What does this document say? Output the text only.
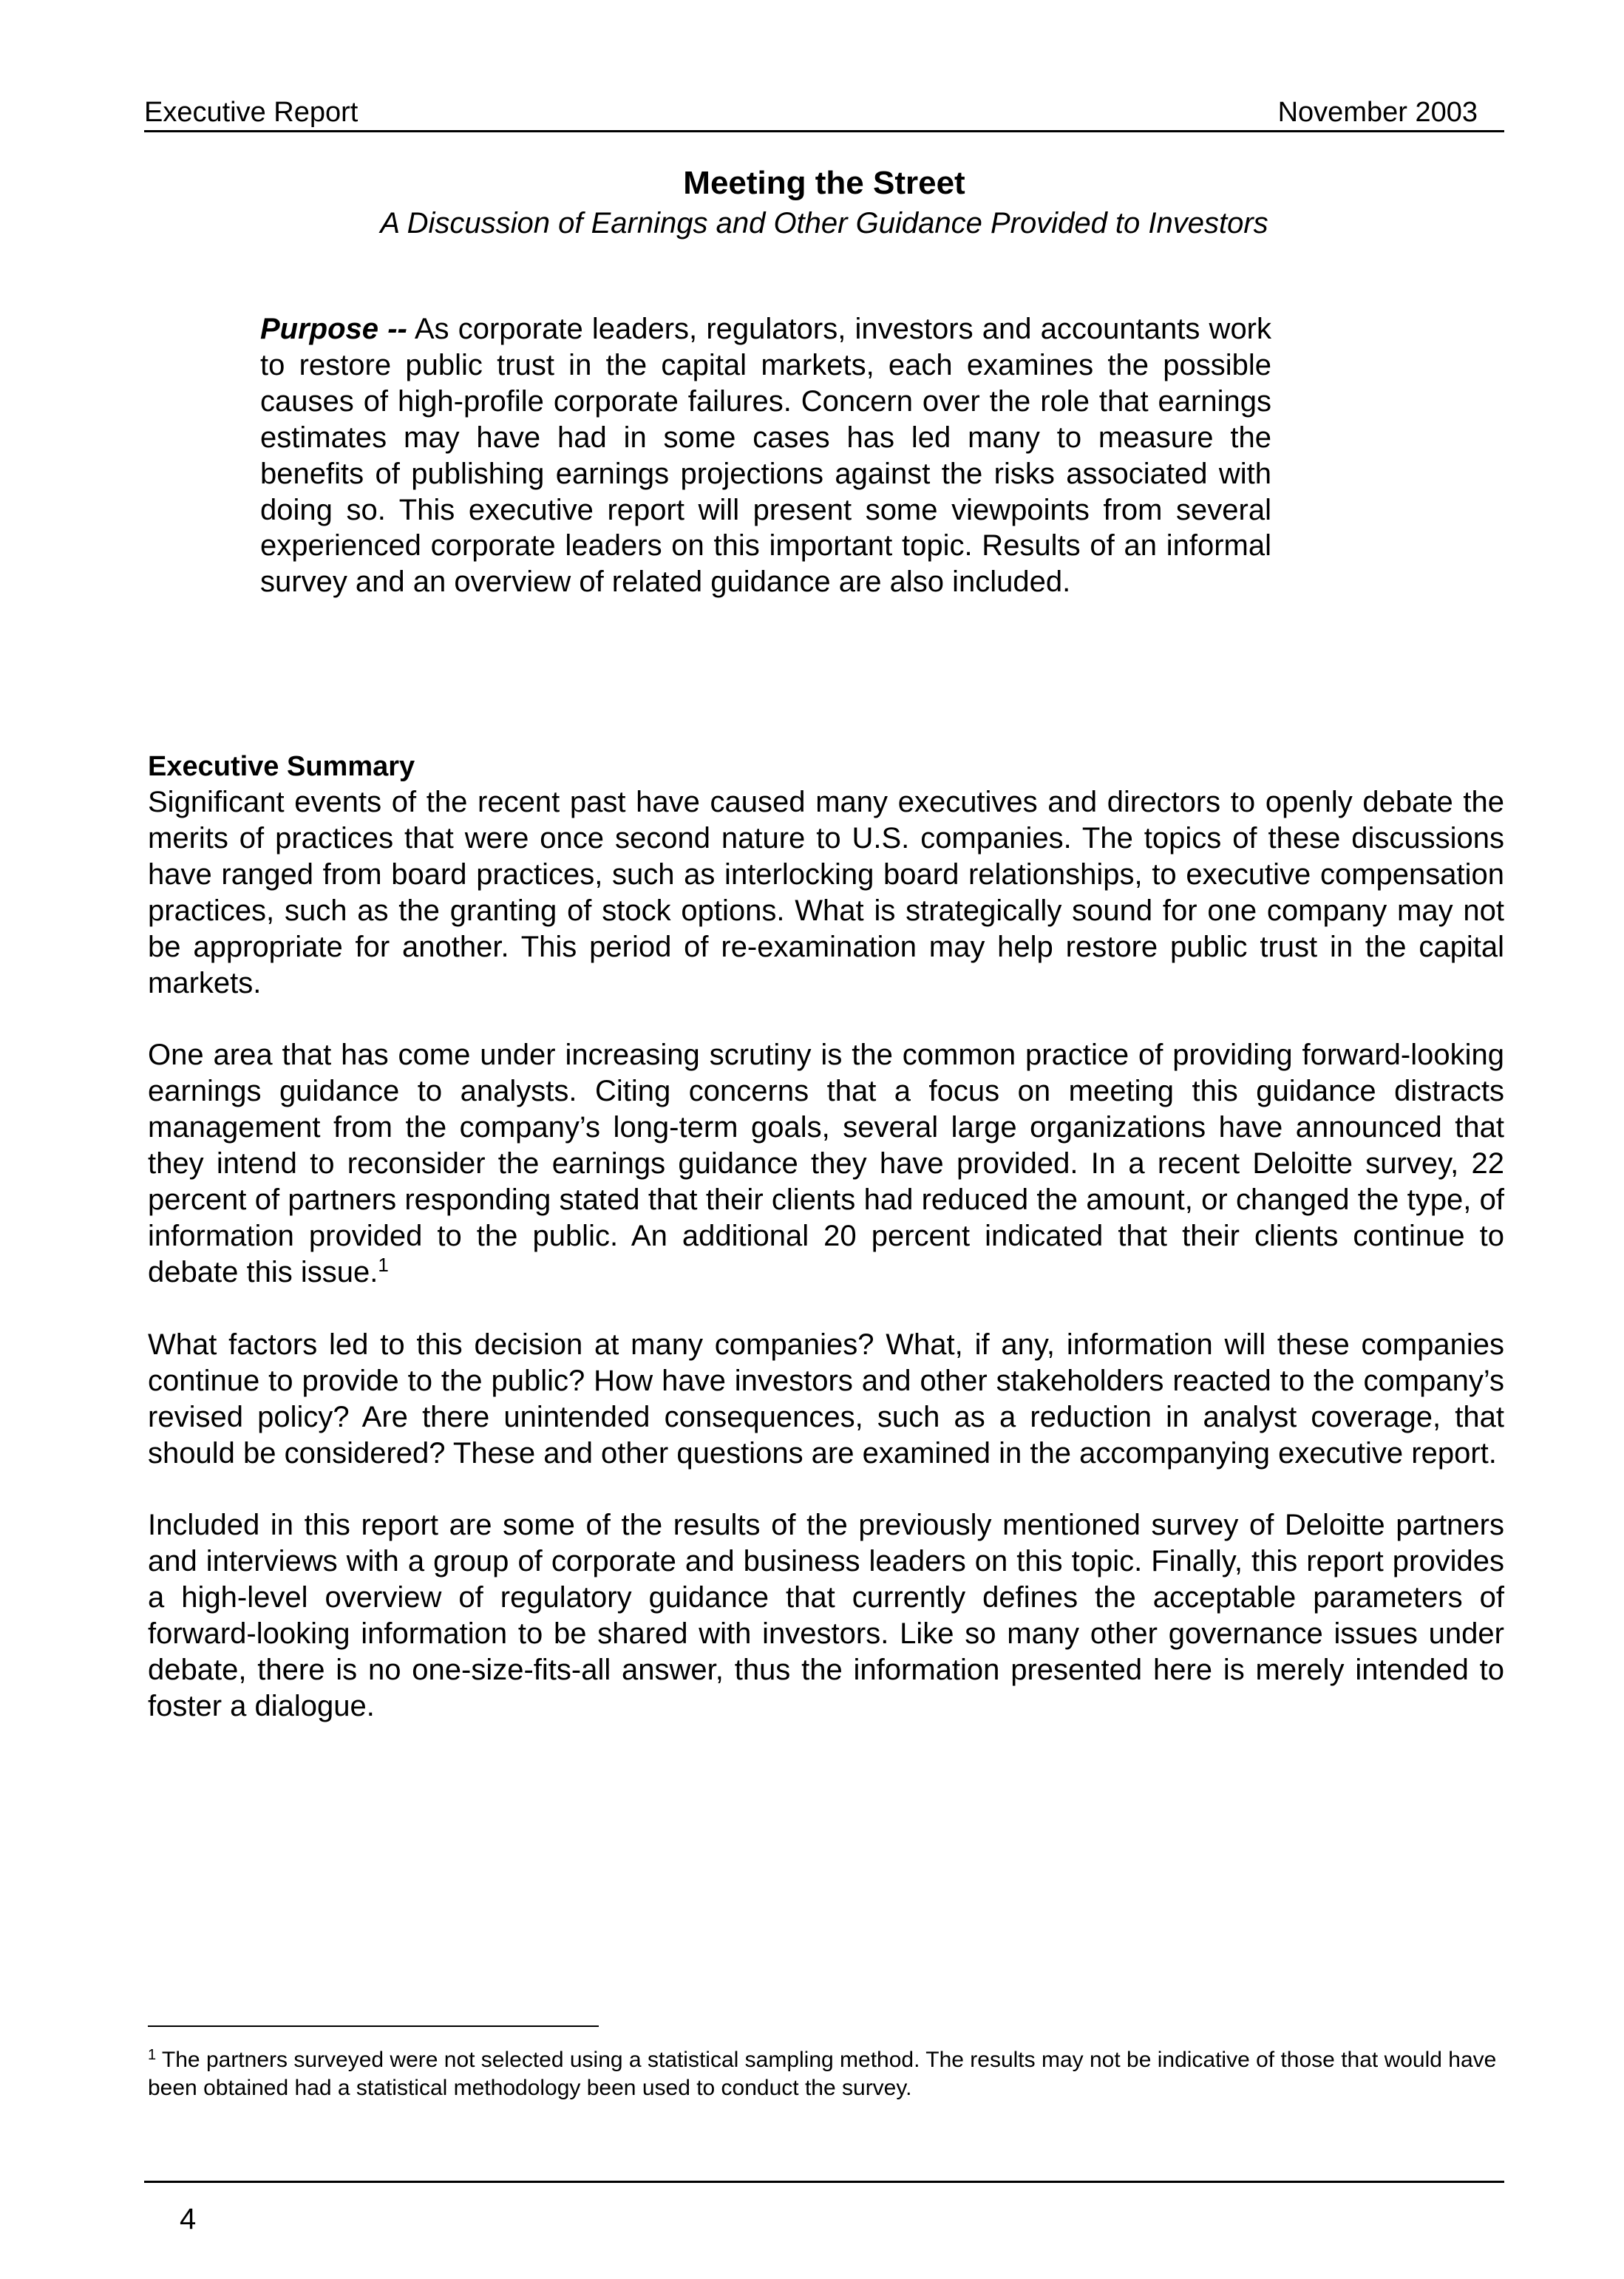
Executive Report	November 2003
Meeting the Street
A Discussion of Earnings and Other Guidance Provided to Investors
Purpose -- As corporate leaders, regulators, investors and accountants work to restore public trust in the capital markets, each examines the possible causes of high-profile corporate failures. Concern over the role that earnings estimates may have had in some cases has led many to measure the benefits of publishing earnings projections against the risks associated with doing so. This executive report will present some viewpoints from several experienced corporate leaders on this important topic. Results of an informal survey and an overview of related guidance are also included.
Executive Summary

Significant events of the recent past have caused many executives and directors to openly debate the merits of practices that were once second nature to U.S. companies. The topics of these discussions have ranged from board practices, such as interlocking board relationships, to executive compensation practices, such as the granting of stock options. What is strategically sound for one company may not be appropriate for another. This period of re-examination may help restore public trust in the capital markets.

One area that has come under increasing scrutiny is the common practice of providing forward-looking earnings guidance to analysts. Citing concerns that a focus on meeting this guidance distracts management from the company’s long-term goals, several large organizations have announced that they intend to reconsider the earnings guidance they have provided. In a recent Deloitte survey, 22 percent of partners responding stated that their clients had reduced the amount, or changed the type, of information provided to the public. An additional 20 percent indicated that their clients continue to debate this issue.$^1$

What factors led to this decision at many companies? What, if any, information will these companies continue to provide to the public? How have investors and other stakeholders reacted to the company’s revised policy? Are there unintended consequences, such as a reduction in analyst coverage, that should be considered? These and other questions are examined in the accompanying executive report.

Included in this report are some of the results of the previously mentioned survey of Deloitte partners and interviews with a group of corporate and business leaders on this topic. Finally, this report provides a high-level overview of regulatory guidance that currently defines the acceptable parameters of forward-looking information to be shared with investors. Like so many other governance issues under debate, there is no one-size-fits-all answer, thus the information presented here is merely intended to foster a dialogue.

$^1$ The partners surveyed were not selected using a statistical sampling method. The results may not be indicative of those that would have been obtained had a statistical methodology been used to conduct the survey.
4
